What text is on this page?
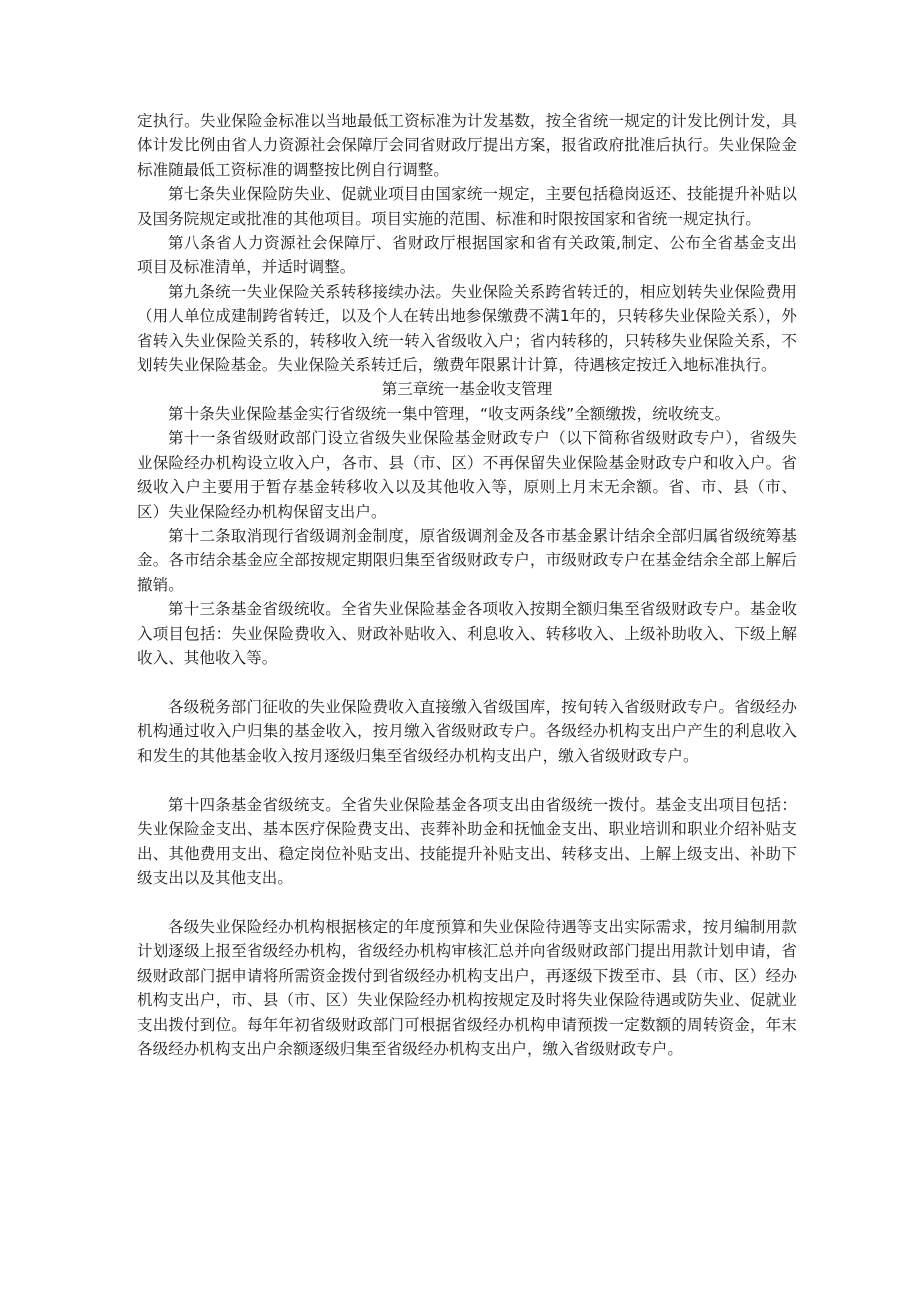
定执行。失业保险金标准以当地最低工资标准为计发基数，按全省统一规定的计发比例计发，具体计发比例由省人力资源社会保障厅会同省财政厅提出方案，报省政府批准后执行。失业保险金标准随最低工资标准的调整按比例自行调整。

第七条失业保险防失业、促就业项目由国家统一规定，主要包括稳岗返还、技能提升补贴以及国务院规定或批准的其他项目。项目实施的范围、标准和时限按国家和省统一规定执行。

第八条省人力资源社会保障厅、省财政厅根据国家和省有关政策,制定、公布全省基金支出项目及标准清单，并适时调整。

第九条统一失业保险关系转移接续办法。失业保险关系跨省转迁的，相应划转失业保险费用（用人单位成建制跨省转迁，以及个人在转出地参保缴费不满1年的，只转移失业保险关系），外省转入失业保险关系的，转移收入统一转入省级收入户；省内转移的，只转移失业保险关系，不划转失业保险基金。失业保险关系转迁后，缴费年限累计计算，待遇核定按迁入地标准执行。

第三章统一基金收支管理

第十条失业保险基金实行省级统一集中管理，“收支两条线”全额缴拨，统收统支。

第十一条省级财政部门设立省级失业保险基金财政专户（以下简称省级财政专户），省级失业保险经办机构设立收入户，各市、县（市、区）不再保留失业保险基金财政专户和收入户。省级收入户主要用于暂存基金转移收入以及其他收入等，原则上月末无余额。省、市、县（市、区）失业保险经办机构保留支出户。

第十二条取消现行省级调剂金制度，原省级调剂金及各市基金累计结余全部归属省级统筹基金。各市结余基金应全部按规定期限归集至省级财政专户，市级财政专户在基金结余全部上解后撤销。

第十三条基金省级统收。全省失业保险基金各项收入按期全额归集至省级财政专户。基金收入项目包括：失业保险费收入、财政补贴收入、利息收入、转移收入、上级补助收入、下级上解收入、其他收入等。

各级税务部门征收的失业保险费收入直接缴入省级国库，按旬转入省级财政专户。省级经办机构通过收入户归集的基金收入，按月缴入省级财政专户。各级经办机构支出户产生的利息收入和发生的其他基金收入按月逐级归集至省级经办机构支出户，缴入省级财政专户。

第十四条基金省级统支。全省失业保险基金各项支出由省级统一拨付。基金支出项目包括：失业保险金支出、基本医疗保险费支出、丧葬补助金和抚恤金支出、职业培训和职业介绍补贴支出、其他费用支出、稳定岗位补贴支出、技能提升补贴支出、转移支出、上解上级支出、补助下级支出以及其他支出。

各级失业保险经办机构根据核定的年度预算和失业保险待遇等支出实际需求，按月编制用款计划逐级上报至省级经办机构，省级经办机构审核汇总并向省级财政部门提出用款计划申请，省级财政部门据申请将所需资金拨付到省级经办机构支出户，再逐级下拨至市、县（市、区）经办机构支出户，市、县（市、区）失业保险经办机构按规定及时将失业保险待遇或防失业、促就业支出拨付到位。每年年初省级财政部门可根据省级经办机构申请预拨一定数额的周转资金，年末各级经办机构支出户余额逐级归集至省级经办机构支出户，缴入省级财政专户。
